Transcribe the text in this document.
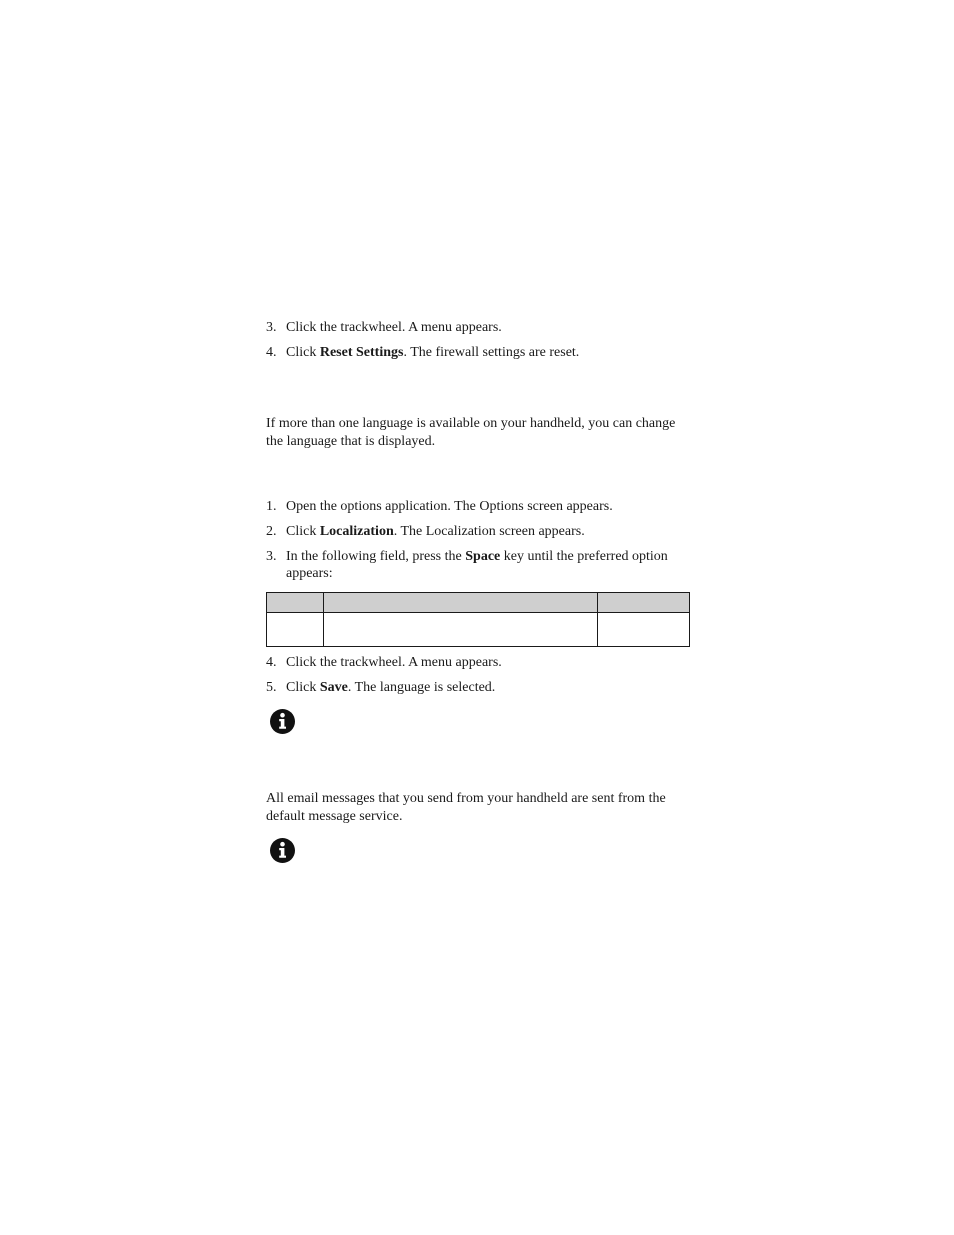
3. Click the trackwheel. A menu appears.
4. Click Reset Settings. The firewall settings are reset.
If more than one language is available on your handheld, you can change the language that is displayed.
1. Open the options application. The Options screen appears.
2. Click Localization. The Localization screen appears.
3. In the following field, press the Space key until the preferred option appears:

4. Click the trackwheel. A menu appears.
5. Click Save. The language is selected.
All email messages that you send from your handheld are sent from the default message service.
